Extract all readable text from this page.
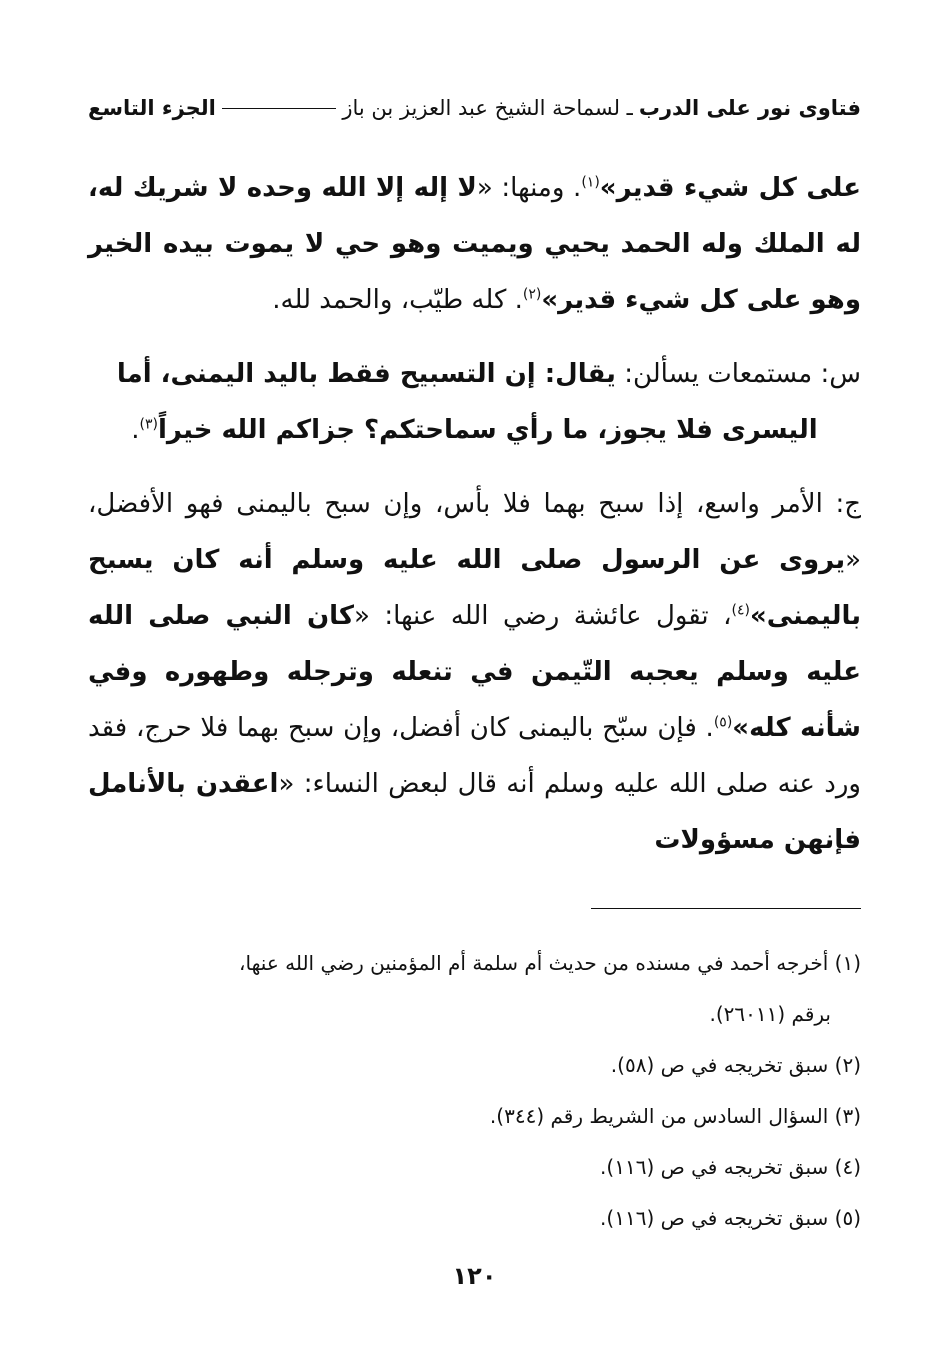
فتاوى نور على الدرب
ـ لسماحة الشيخ عبد العزيز بن باز
الجزء التاسع

على كل شيء قدير»$^{(١)}$. ومنها: «لا إله إلا الله وحده لا شريك له، له الملك وله الحمد يحيي ويميت وهو حي لا يموت بيده الخير وهو على كل شيء قدير»$^{(٢)}$. كله طيّب، والحمد لله.

س: مستمعات يسألن: يقال: إن التسبيح فقط باليد اليمنى، أما

اليسرى فلا يجوز، ما رأي سماحتكم؟ جزاكم الله خيراً$^{(٣)}$.

ج: الأمر واسع، إذا سبح بهما فلا بأس، وإن سبح باليمنى فهو الأفضل، «يروى عن الرسول صلى الله عليه وسلم أنه كان يسبح باليمنى»$^{(٤)}$، تقول عائشة رضي الله عنها: «كان النبي صلى الله عليه وسلم يعجبه التّيمن في تنعله وترجله وطهوره وفي شأنه كله»$^{(٥)}$. فإن سبّح باليمنى كان أفضل، وإن سبح بهما فلا حرج، فقد ورد عنه صلى الله عليه وسلم أنه قال لبعض النساء: «اعقدن بالأنامل فإنهن مسؤولات

(١) أخرجه أحمد في مسنده من حديث أم سلمة أم المؤمنين رضي الله عنها،

برقم (٢٦٠١١).

(٢) سبق تخريجه في ص (٥٨).

(٣) السؤال السادس من الشريط رقم (٣٤٤).

(٤) سبق تخريجه في ص (١١٦).

(٥) سبق تخريجه في ص (١١٦).

١٢٠
